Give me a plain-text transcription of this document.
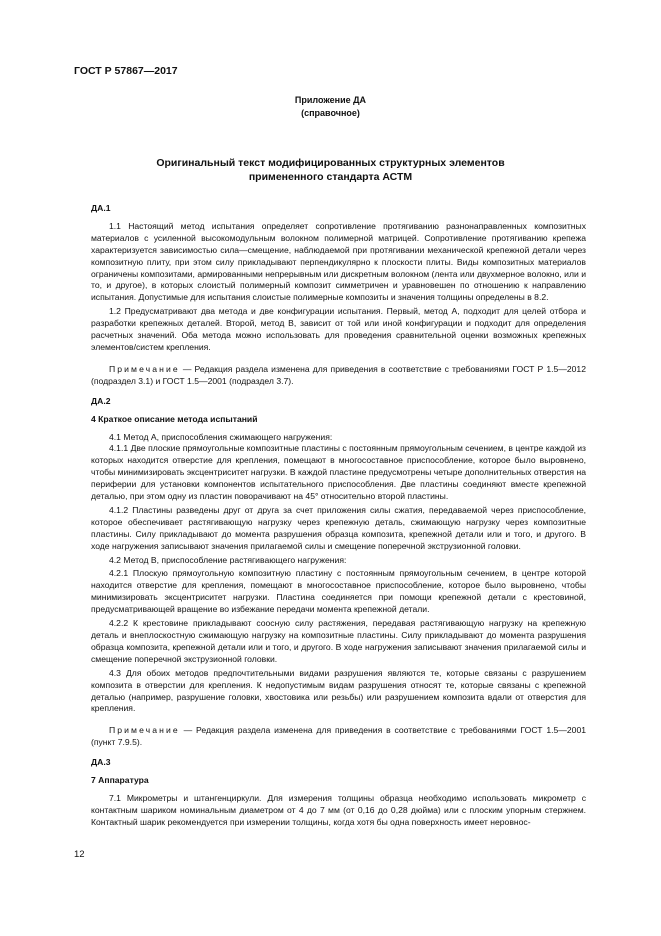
ГОСТ Р 57867—2017
Приложение ДА
(справочное)
Оригинальный текст модифицированных структурных элементов
примененного стандарта АСТМ

ДА.1

1.1 Настоящий метод испытания определяет сопротивление протягиванию разнонаправленных композитных материалов с усиленной высокомодульным волокном полимерной матрицей. Сопротивление протягиванию крепежа характеризуется зависимостью сила—смещение, наблюдаемой при протягивании механической крепежной детали через композитную плиту, при этом силу прикладывают перпендикулярно к плоскости плиты. Виды композитных материалов ограничены композитами, армированными непрерывным или дискретным волокном (лента или двухмерное волокно, или и то, и другое), в которых слоистый полимерный композит симметричен и уравновешен по отношению к направлению испытания. Допустимые для испытания слоистые полимерные композиты и значения толщины определены в 8.2.

1.2 Предусматривают два метода и две конфигурации испытания. Первый, метод А, подходит для целей отбора и разработки крепежных деталей. Второй, метод В, зависит от той или иной конфигурации и подходит для определения расчетных значений. Оба метода можно использовать для проведения сравнительной оценки возможных крепежных элементов/систем крепления.

Примечание — Редакция раздела изменена для приведения в соответствие с требованиями ГОСТ Р 1.5—2012 (подраздел 3.1) и ГОСТ 1.5—2001 (подраздел 3.7).

ДА.2

4 Краткое описание метода испытаний

4.1 Метод А, приспособления сжимающего нагружения:

4.1.1 Две плоские прямоугольные композитные пластины с постоянным прямоугольным сечением, в центре каждой из которых находится отверстие для крепления, помещают в многосоставное приспособление, которое было выровнено, чтобы минимизировать эксцентриситет нагрузки. В каждой пластине предусмотрены четыре дополнительных отверстия на периферии для установки компонентов испытательного приспособления. Две пластины соединяют вместе крепежной деталью, при этом одну из пластин поворачивают на 45° относительно второй пластины.

4.1.2 Пластины разведены друг от друга за счет приложения силы сжатия, передаваемой через приспособление, которое обеспечивает растягивающую нагрузку через крепежную деталь, сжимающую нагрузку через композитные пластины. Силу прикладывают до момента разрушения образца композита, крепежной детали или и того, и другого. В ходе нагружения записывают значения прилагаемой силы и смещение поперечной экструзионной головки.

4.2 Метод В, приспособление растягивающего нагружения:

4.2.1 Плоскую прямоугольную композитную пластину с постоянным прямоугольным сечением, в центре которой находится отверстие для крепления, помещают в многосоставное приспособление, которое было выровнено, чтобы минимизировать эксцентриситет нагрузки. Пластина соединяется при помощи крепежной детали с крестовиной, предусматривающей вращение во избежание передачи момента крепежной детали.

4.2.2 К крестовине прикладывают соосную силу растяжения, передавая растягивающую нагрузку на крепежную деталь и внеплоскостную сжимающую нагрузку на композитные пластины. Силу прикладывают до момента разрушения образца композита, крепежной детали или и того, и другого. В ходе нагружения записывают значения прилагаемой силы и смещение поперечной экструзионной головки.

4.3 Для обоих методов предпочтительными видами разрушения являются те, которые связаны с разрушением композита в отверстии для крепления. К недопустимым видам разрушения относят те, которые связаны с крепежной деталью (например, разрушение головки, хвостовика или резьбы) или разрушением композита вдали от отверстия для крепления.

Примечание — Редакция раздела изменена для приведения в соответствие с требованиями ГОСТ 1.5—2001 (пункт 7.9.5).

ДА.3

7 Аппаратура

7.1 Микрометры и штангенциркули. Для измерения толщины образца необходимо использовать микрометр с контактным шариком номинальным диаметром от 4 до 7 мм (от 0,16 до 0,28 дюйма) или с плоским упорным стержнем. Контактный шарик рекомендуется при измерении толщины, когда хотя бы одна поверхность имеет неровнос-

12
